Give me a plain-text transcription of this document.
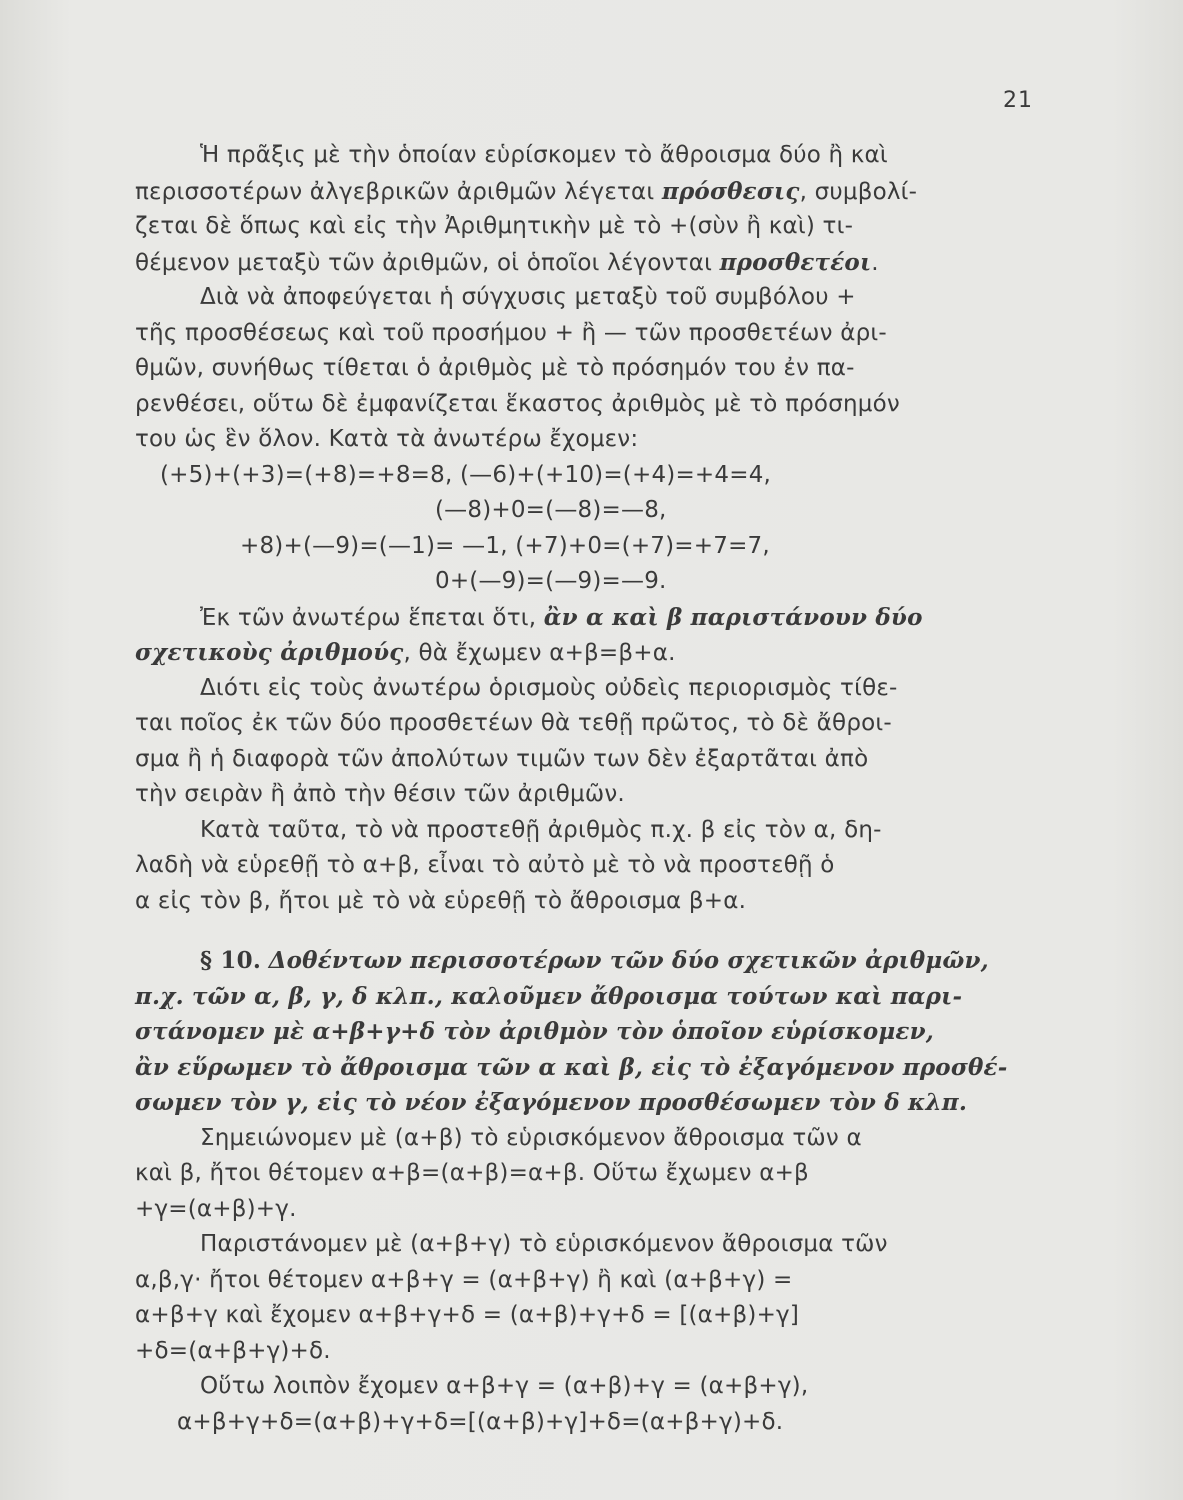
21
Ἡ πρᾶξις μὲ τὴν ὁποίαν εὑρίσκομεν τὸ ἄθροισμα δύο ἢ καὶ
περισσοτέρων ἀλγεβρικῶν ἀριθμῶν λέγεται πρόσθεσις, συμβολί-
ζεται δὲ ὅπως καὶ εἰς τὴν Ἀριθμητικὴν μὲ τὸ +(σὺν ἢ καὶ) τι-
θέμενον μεταξὺ τῶν ἀριθμῶν, οἱ ὁποῖοι λέγονται προσθετέοι.
Διὰ νὰ ἀποφεύγεται ἡ σύγχυσις μεταξὺ τοῦ συμβόλου +
τῆς προσθέσεως καὶ τοῦ προσήμου + ἢ — τῶν προσθετέων ἀρι-
θμῶν, συνήθως τίθεται ὁ ἀριθμὸς μὲ τὸ πρόσημόν του ἐν πα-
ρενθέσει, οὕτω δὲ ἐμφανίζεται ἕκαστος ἀριθμὸς μὲ τὸ πρόσημόν
του ὡς ἓν ὅλον. Κατὰ τὰ ἀνωτέρω ἔχομεν:
(+5)+(+3)=(+8)=+8=8, (—6)+(+10)=(+4)=+4=4,
(—8)+0=(—8)=—8,
+8)+(—9)=(—1)= —1, (+7)+0=(+7)=+7=7,
0+(—9)=(—9)=—9.
Ἐκ τῶν ἀνωτέρω ἕπεται ὅτι, ἂν α καὶ β παριστάνουν δύο
σχετικοὺς ἀριθμούς, θὰ ἔχωμεν α+β=β+α.
Διότι εἰς τοὺς ἀνωτέρω ὁρισμοὺς οὐδεὶς περιορισμὸς τίθε-
ται ποῖος ἐκ τῶν δύο προσθετέων θὰ τεθῇ πρῶτος, τὸ δὲ ἄθροι-
σμα ἢ ἡ διαφορὰ τῶν ἀπολύτων τιμῶν των δὲν ἐξαρτᾶται ἀπὸ
τὴν σειρὰν ἢ ἀπὸ τὴν θέσιν τῶν ἀριθμῶν.
Κατὰ ταῦτα, τὸ νὰ προστεθῇ ἀριθμὸς π.χ. β εἰς τὸν α, δη-
λαδὴ νὰ εὑρεθῇ τὸ α+β, εἶναι τὸ αὐτὸ μὲ τὸ νὰ προστεθῇ ὁ
α εἰς τὸν β, ἤτοι μὲ τὸ νὰ εὑρεθῇ τὸ ἄθροισμα β+α.
§ 10. Δοθέντων περισσοτέρων τῶν δύο σχετικῶν ἀριθμῶν,
π.χ. τῶν α, β, γ, δ κλπ., καλοῦμεν ἄθροισμα τούτων καὶ παρι-
στάνομεν μὲ α+β+γ+δ τὸν ἀριθμὸν τὸν ὁποῖον εὑρίσκομεν,
ἂν εὕρωμεν τὸ ἄθροισμα τῶν α καὶ β, εἰς τὸ ἐξαγόμενον προσθέ-
σωμεν τὸν γ, εἰς τὸ νέον ἐξαγόμενον προσθέσωμεν τὸν δ κλπ.
Σημειώνομεν μὲ (α+β) τὸ εὑρισκόμενον ἄθροισμα τῶν α
καὶ β, ἤτοι θέτομεν α+β=(α+β)=α+β. Οὕτω ἔχωμεν α+β
+γ=(α+β)+γ.
Παριστάνομεν μὲ (α+β+γ) τὸ εὑρισκόμενον ἄθροισμα τῶν
α,β,γ· ἤτοι θέτομεν α+β+γ = (α+β+γ) ἢ καὶ (α+β+γ) =
α+β+γ καὶ ἔχομεν α+β+γ+δ = (α+β)+γ+δ = [(α+β)+γ]
+δ=(α+β+γ)+δ.
Οὕτω λοιπὸν ἔχομεν α+β+γ = (α+β)+γ = (α+β+γ),
α+β+γ+δ=(α+β)+γ+δ=[(α+β)+γ]+δ=(α+β+γ)+δ.
